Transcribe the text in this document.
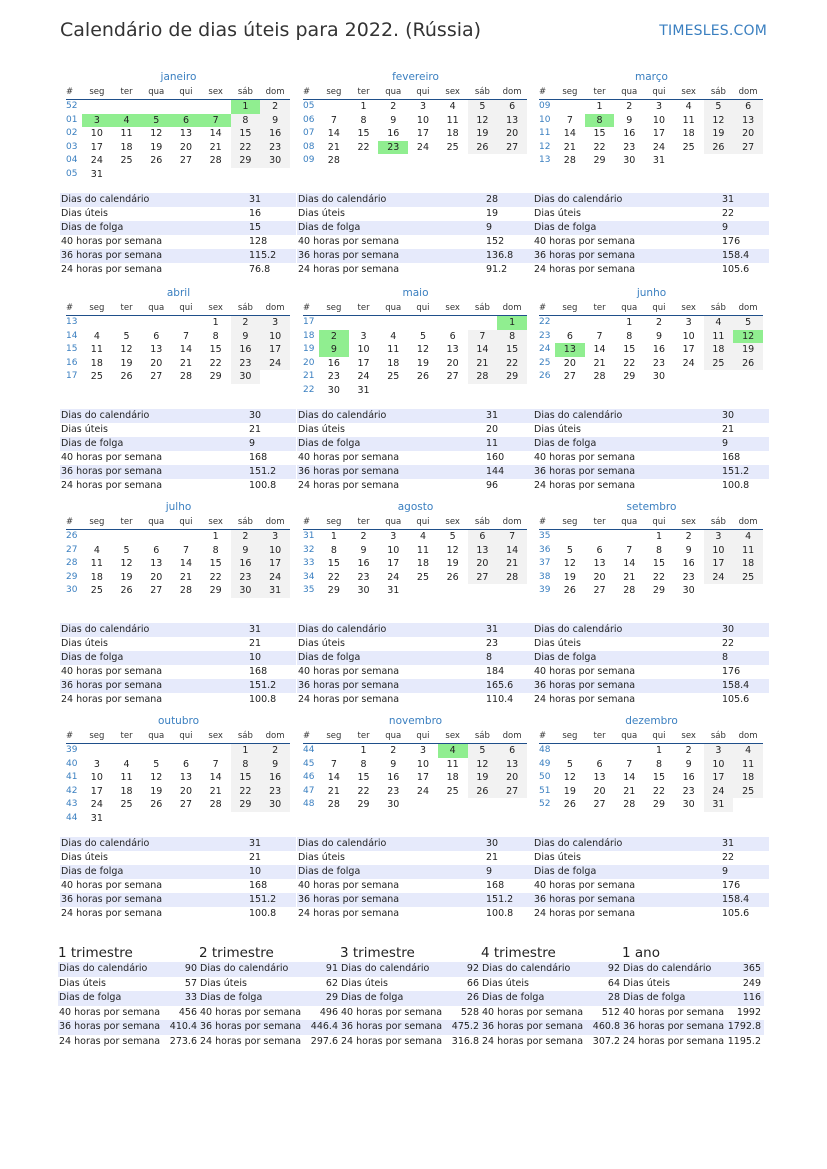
Calendário de dias úteis para 2022. (Rússia)	TIMESLES.COM
janeiro
#	seg	ter	qua	qui	sex	sáb	dom
52						1	2
01	3	4	5	6	7	8	9
02	10	11	12	13	14	15	16
03	17	18	19	20	21	22	23
04	24	25	26	27	28	29	30
05	31						
Dias do calendário	31
Dias úteis	16
Dias de folga	15
40 horas por semana	128
36 horas por semana	115.2
24 horas por semana	76.8
fevereiro
#	seg	ter	qua	qui	sex	sáb	dom
05		1	2	3	4	5	6
06	7	8	9	10	11	12	13
07	14	15	16	17	18	19	20
08	21	22	23	24	25	26	27
09	28						
Dias do calendário	28
Dias úteis	19
Dias de folga	9
40 horas por semana	152
36 horas por semana	136.8
24 horas por semana	91.2
março
#	seg	ter	qua	qui	sex	sáb	dom
09		1	2	3	4	5	6
10	7	8	9	10	11	12	13
11	14	15	16	17	18	19	20
12	21	22	23	24	25	26	27
13	28	29	30	31			
Dias do calendário	31
Dias úteis	22
Dias de folga	9
40 horas por semana	176
36 horas por semana	158.4
24 horas por semana	105.6
abril
#	seg	ter	qua	qui	sex	sáb	dom
13					1	2	3
14	4	5	6	7	8	9	10
15	11	12	13	14	15	16	17
16	18	19	20	21	22	23	24
17	25	26	27	28	29	30	
Dias do calendário	30
Dias úteis	21
Dias de folga	9
40 horas por semana	168
36 horas por semana	151.2
24 horas por semana	100.8
maio
#	seg	ter	qua	qui	sex	sáb	dom
17							1
18	2	3	4	5	6	7	8
19	9	10	11	12	13	14	15
20	16	17	18	19	20	21	22
21	23	24	25	26	27	28	29
22	30	31					
Dias do calendário	31
Dias úteis	20
Dias de folga	11
40 horas por semana	160
36 horas por semana	144
24 horas por semana	96
junho
#	seg	ter	qua	qui	sex	sáb	dom
22			1	2	3	4	5
23	6	7	8	9	10	11	12
24	13	14	15	16	17	18	19
25	20	21	22	23	24	25	26
26	27	28	29	30			
Dias do calendário	30
Dias úteis	21
Dias de folga	9
40 horas por semana	168
36 horas por semana	151.2
24 horas por semana	100.8
julho
#	seg	ter	qua	qui	sex	sáb	dom
26					1	2	3
27	4	5	6	7	8	9	10
28	11	12	13	14	15	16	17
29	18	19	20	21	22	23	24
30	25	26	27	28	29	30	31
Dias do calendário	31
Dias úteis	21
Dias de folga	10
40 horas por semana	168
36 horas por semana	151.2
24 horas por semana	100.8
agosto
#	seg	ter	qua	qui	sex	sáb	dom
31	1	2	3	4	5	6	7
32	8	9	10	11	12	13	14
33	15	16	17	18	19	20	21
34	22	23	24	25	26	27	28
35	29	30	31				
Dias do calendário	31
Dias úteis	23
Dias de folga	8
40 horas por semana	184
36 horas por semana	165.6
24 horas por semana	110.4
setembro
#	seg	ter	qua	qui	sex	sáb	dom
35				1	2	3	4
36	5	6	7	8	9	10	11
37	12	13	14	15	16	17	18
38	19	20	21	22	23	24	25
39	26	27	28	29	30		
Dias do calendário	30
Dias úteis	22
Dias de folga	8
40 horas por semana	176
36 horas por semana	158.4
24 horas por semana	105.6
outubro
#	seg	ter	qua	qui	sex	sáb	dom
39						1	2
40	3	4	5	6	7	8	9
41	10	11	12	13	14	15	16
42	17	18	19	20	21	22	23
43	24	25	26	27	28	29	30
44	31						
Dias do calendário	31
Dias úteis	21
Dias de folga	10
40 horas por semana	168
36 horas por semana	151.2
24 horas por semana	100.8
novembro
#	seg	ter	qua	qui	sex	sáb	dom
44		1	2	3	4	5	6
45	7	8	9	10	11	12	13
46	14	15	16	17	18	19	20
47	21	22	23	24	25	26	27
48	28	29	30				
Dias do calendário	30
Dias úteis	21
Dias de folga	9
40 horas por semana	168
36 horas por semana	151.2
24 horas por semana	100.8
dezembro
#	seg	ter	qua	qui	sex	sáb	dom
48				1	2	3	4
49	5	6	7	8	9	10	11
50	12	13	14	15	16	17	18
51	19	20	21	22	23	24	25
52	26	27	28	29	30	31	
Dias do calendário	31
Dias úteis	22
Dias de folga	9
40 horas por semana	176
36 horas por semana	158.4
24 horas por semana	105.6
1 trimestre
Dias do calendário	90
Dias úteis	57
Dias de folga	33
40 horas por semana 456
36 horas por semana 410.4
24 horas por semana 273.6
2 trimestre
Dias do calendário	91
Dias úteis	62
Dias de folga	29
40 horas por semana 496
36 horas por semana 446.4
24 horas por semana 297.6
3 trimestre
Dias do calendário	92
Dias úteis	66
Dias de folga	26
40 horas por semana 528
36 horas por semana 475.2
24 horas por semana 316.8
4 trimestre
Dias do calendário	92
Dias úteis	64
Dias de folga	28
40 horas por semana 512
36 horas por semana 460.8
24 horas por semana 307.2
1 ano
Dias do calendário	365
Dias úteis	249
Dias de folga	116
40 horas por semana 1992
36 horas por semana 1792.8
24 horas por semana 1195.2
